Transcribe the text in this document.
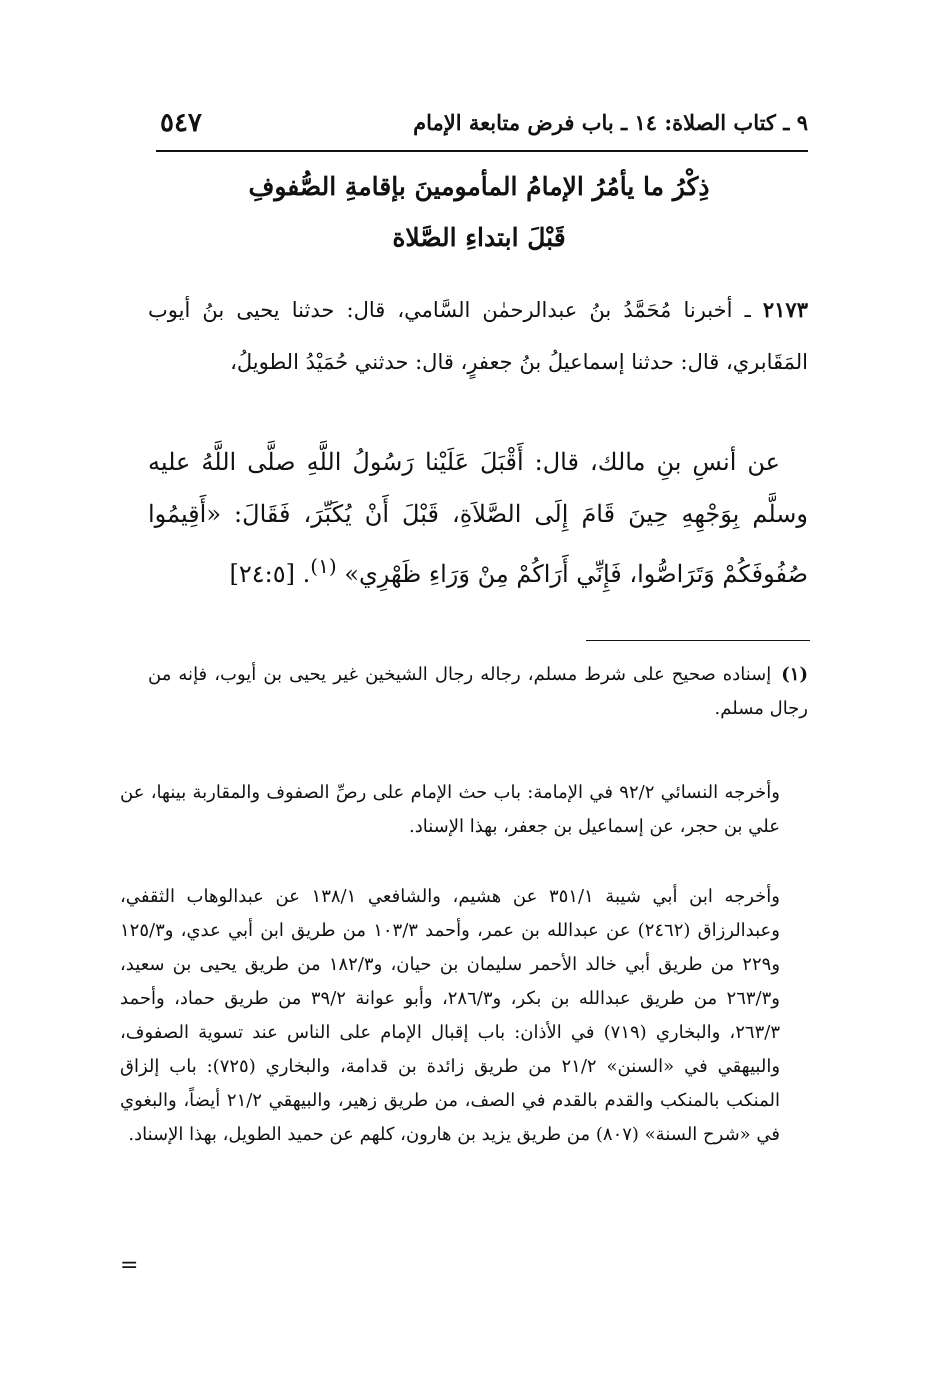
٩ ـ كتاب الصلاة: ١٤ ـ باب فرض متابعة الإمام
٥٤٧
ذِكْرُ ما يأمُرُ الإمامُ المأمومينَ بإقامةِ الصُّفوفِ
قَبْلَ ابتداءِ الصَّلاة
٢١٧٣ ـ أخبرنا مُحَمَّدُ بنُ عبدالرحمٰن السَّامي، قال: حدثنا يحيى بنُ أيوب المَقَابري، قال: حدثنا إسماعيلُ بنُ جعفرٍ، قال: حدثني حُمَيْدُ الطويلُ،
عن أنسِ بنِ مالك، قال: أَقْبَلَ عَلَيْنا رَسُولُ اللَّهِ صلَّى اللَّهُ عليه وسلَّم بِوَجْهِهِ حِينَ قَامَ إِلَى الصَّلاَةِ، قَبْلَ أَنْ يُكَبِّرَ، فَقَالَ: «أَقِيمُوا صُفُوفَكُمْ وَتَرَاصُّوا، فَإِنِّي أَرَاكُمْ مِنْ وَرَاءِ ظَهْرِي» $^{(١)}$. [٢٤:٥]
(١)إسناده صحيح على شرط مسلم، رجاله رجال الشيخين غير يحيى بن أيوب، فإنه من رجال مسلم.
وأخرجه النسائي ٩٢/٢ في الإمامة: باب حث الإمام على رصِّ الصفوف والمقاربة بينها، عن علي بن حجر، عن إسماعيل بن جعفر، بهذا الإسناد.
وأخرجه ابن أبي شيبة ٣٥١/١ عن هشيم، والشافعي ١٣٨/١ عن عبدالوهاب الثقفي، وعبدالرزاق (٢٤٦٢) عن عبدالله بن عمر، وأحمد ١٠٣/٣ من طريق ابن أبي عدي، و١٢٥/٣ و٢٢٩ من طريق أبي خالد الأحمر سليمان بن حيان، و١٨٢/٣ من طريق يحيى بن سعيد، و٢٦٣/٣ من طريق عبدالله بن بكر، و٢٨٦/٣، وأبو عوانة ٣٩/٢ من طريق حماد، وأحمد ٢٦٣/٣، والبخاري (٧١٩) في الأذان: باب إقبال الإمام على الناس عند تسوية الصفوف، والبيهقي في «السنن» ٢١/٢ من طريق زائدة بن قدامة، والبخاري (٧٢٥): باب إلزاق المنكب بالمنكب والقدم بالقدم في الصف، من طريق زهير، والبيهقي ٢١/٢ أيضاً، والبغوي في «شرح السنة» (٨٠٧) من طريق يزيد بن هارون، كلهم عن حميد الطويل، بهذا الإسناد.
=
